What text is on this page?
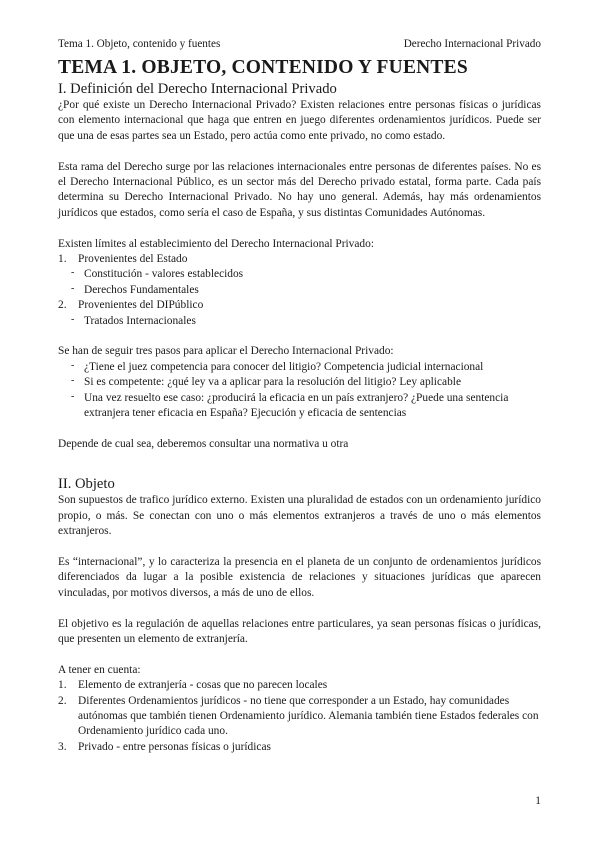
Tema 1. Objeto, contenido y fuentes	Derecho Internacional Privado
TEMA 1. OBJETO, CONTENIDO Y FUENTES
I. Definición del Derecho Internacional Privado

¿Por qué existe un Derecho Internacional Privado? Existen relaciones entre personas físicas o jurídicas con elemento internacional que haga que entren en juego diferentes ordenamientos jurídicos. Puede ser que una de esas partes sea un Estado, pero actúa como ente privado, no como estado.

Esta rama del Derecho surge por las relaciones internacionales entre personas de diferentes países. No es el Derecho Internacional Público, es un sector más del Derecho privado estatal, forma parte. Cada país determina su Derecho Internacional Privado. No hay uno general. Además, hay más ordenamientos jurídicos que estados, como sería el caso de España, y sus distintas Comunidades Autónomas.

Existen límites al establecimiento del Derecho Internacional Privado:

1.	Provenientes del Estado
- Constitución - valores establecidos
- Derechos Fundamentales
2.	Provenientes del DIPúblico
- Tratados Internacionales

Se han de seguir tres pasos para aplicar el Derecho Internacional Privado:

- ¿Tiene el juez competencia para conocer del litigio? Competencia judicial internacional
- Si es competente: ¿qué ley va a aplicar para la resolución del litigio? Ley aplicable
- Una vez resuelto ese caso: ¿producirá la eficacia en un país extranjero? ¿Puede una sentencia extranjera tener eficacia en España? Ejecución y eficacia de sentencias

Depende de cual sea, deberemos consultar una normativa u otra

II. Objeto

Son supuestos de trafico jurídico externo. Existen una pluralidad de estados con un ordenamiento jurídico propio, o más. Se conectan con uno o más elementos extranjeros a través de uno o más elementos extranjeros.

Es “internacional”, y lo caracteriza la presencia en el planeta de un conjunto de ordenamientos jurídicos diferenciados da lugar a la posible existencia de relaciones y situaciones jurídicas que aparecen vinculadas, por motivos diversos, a más de uno de ellos.

El objetivo es la regulación de aquellas relaciones entre particulares, ya sean personas físicas o jurídicas, que presenten un elemento de extranjería.

A tener en cuenta:

1.	Elemento de extranjería - cosas que no parecen locales
2.	Diferentes Ordenamientos jurídicos - no tiene que corresponder a un Estado, hay comunidades autónomas que también tienen Ordenamiento jurídico. Alemania también tiene Estados federales con Ordenamiento jurídico cada uno.
3.	Privado - entre personas físicas o jurídicas
1
